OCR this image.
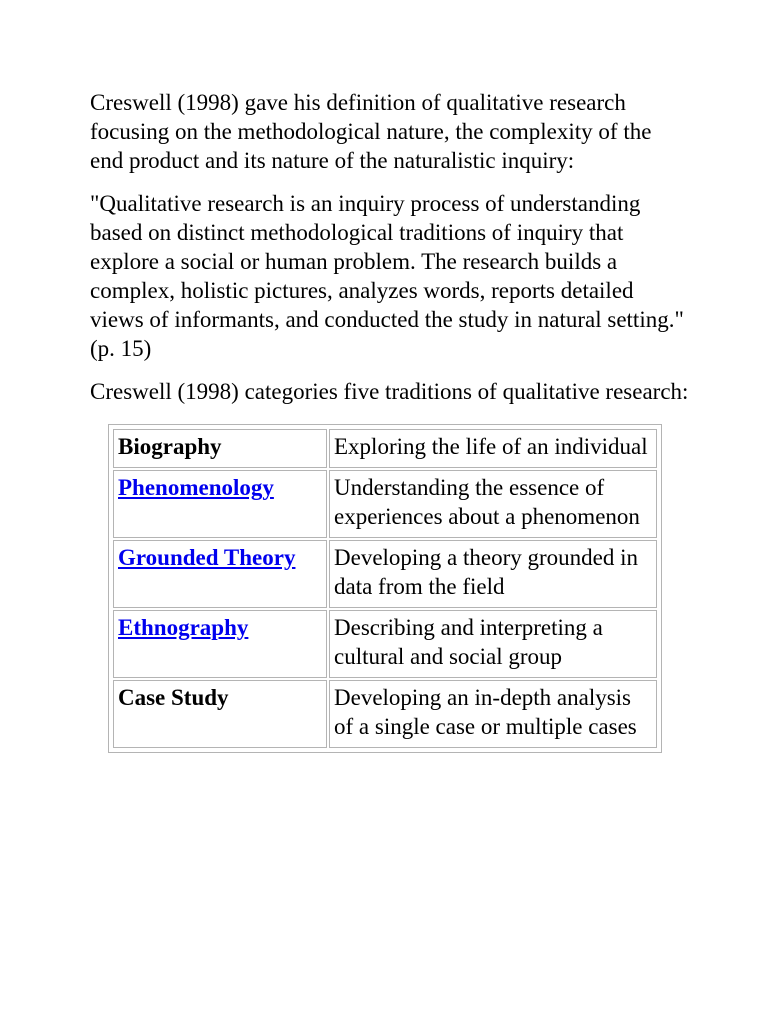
Creswell (1998) gave his definition of qualitative research focusing on the methodological nature, the complexity of the end product and its nature of the naturalistic inquiry:

"Qualitative research is an inquiry process of understanding based on distinct methodological traditions of inquiry that explore a social or human problem. The research builds a complex, holistic pictures, analyzes words, reports detailed views of informants, and conducted the study in natural setting." (p. 15)

Creswell (1998) categories five traditions of qualitative research:

Biography	Exploring the life of an individual
Phenomenology	Understanding the essence of experiences about a phenomenon
Grounded Theory	Developing a theory grounded in data from the field
Ethnography	Describing and interpreting a cultural and social group
Case Study	Developing an in-depth analysis of a single case or multiple cases
